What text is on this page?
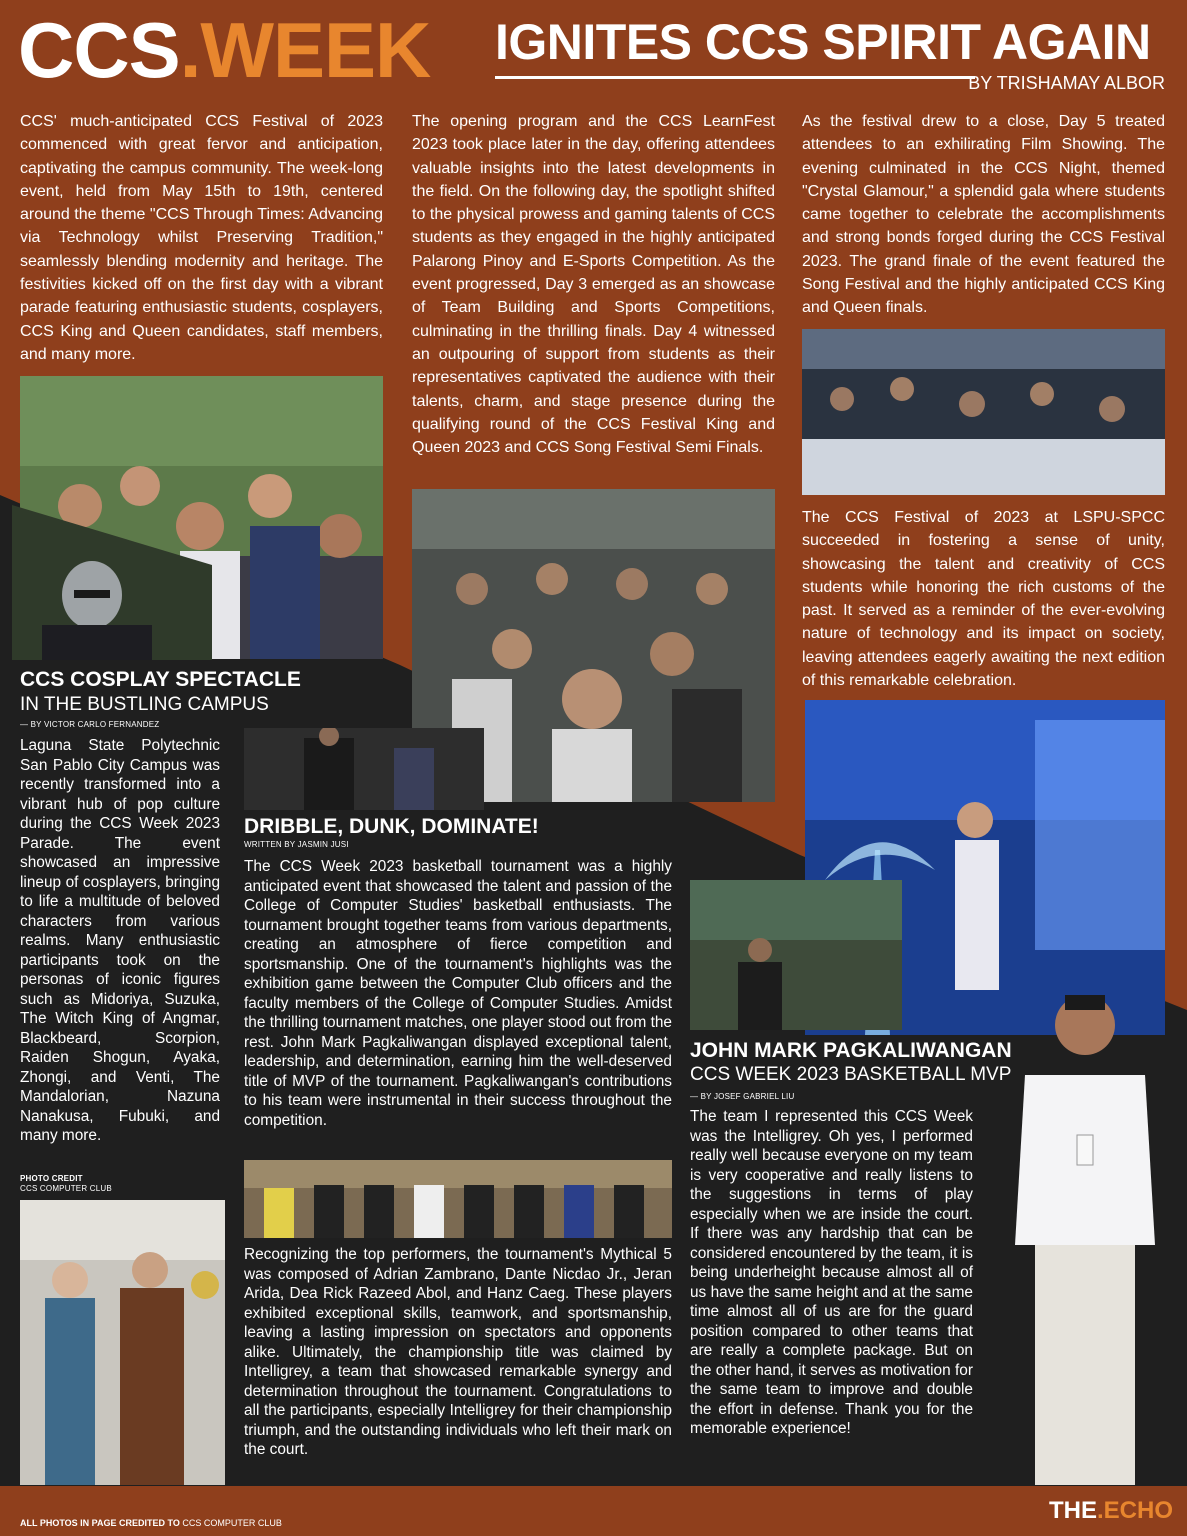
CCS.WEEK IGNITES CCS SPIRIT AGAIN
BY TRISHAMAY ALBOR
CCS' much-anticipated CCS Festival of 2023 commenced with great fervor and anticipation, captivating the campus community. The week-long event, held from May 15th to 19th, centered around the theme "CCS Through Times: Advancing via Technology whilst Preserving Tradition," seamlessly blending modernity and heritage. The festivities kicked off on the first day with a vibrant parade featuring enthusiastic students, cosplayers, CCS King and Queen candidates, staff members, and many more.
The opening program and the CCS LearnFest 2023 took place later in the day, offering attendees valuable insights into the latest developments in the field. On the following day, the spotlight shifted to the physical prowess and gaming talents of CCS students as they engaged in the highly anticipated Palarong Pinoy and E-Sports Competition. As the event progressed, Day 3 emerged as an showcase of Team Building and Sports Competitions, culminating in the thrilling finals. Day 4 witnessed an outpouring of support from students as their representatives captivated the audience with their talents, charm, and stage presence during the qualifying round of the CCS Festival King and Queen 2023 and CCS Song Festival Semi Finals.
As the festival drew to a close, Day 5 treated attendees to an exhilirating Film Showing. The evening culminated in the CCS Night, themed "Crystal Glamour," a splendid gala where students came together to celebrate the accomplishments and strong bonds forged during the CCS Festival 2023. The grand finale of the event featured the Song Festival and the highly anticipated CCS King and Queen finals.
The CCS Festival of 2023 at LSPU-SPCC succeeded in fostering a sense of unity, showcasing the talent and creativity of CCS students while honoring the rich customs of the past. It served as a reminder of the ever-evolving nature of technology and its impact on society, leaving attendees eagerly awaiting the next edition of this remarkable celebration.
CCS COSPLAY SPECTACLE
IN THE BUSTLING CAMPUS
— BY VICTOR CARLO FERNANDEZ
Laguna State Polytechnic San Pablo City Campus was recently transformed into a vibrant hub of pop culture during the CCS Week 2023 Parade. The event showcased an impressive lineup of cosplayers, bringing to life a multitude of beloved characters from various realms. Many enthusiastic participants took on the personas of iconic figures such as Midoriya, Suzuka, The Witch King of Angmar, Blackbeard, Scorpion, Raiden Shogun, Ayaka, Zhongi, and Venti, The Mandalorian, Nazuna Nanakusa, Fubuki, and many more.
PHOTO CREDIT
CCS COMPUTER CLUB
DRIBBLE, DUNK, DOMINATE!
WRITTEN BY JASMIN JUSI
The CCS Week 2023 basketball tournament was a highly anticipated event that showcased the talent and passion of the College of Computer Studies' basketball enthusiasts. The tournament brought together teams from various departments, creating an atmosphere of fierce competition and sportsmanship. One of the tournament's highlights was the exhibition game between the Computer Club officers and the faculty members of the College of Computer Studies. Amidst the thrilling tournament matches, one player stood out from the rest. John Mark Pagkaliwangan displayed exceptional talent, leadership, and determination, earning him the well-deserved title of MVP of the tournament. Pagkaliwangan's contributions to his team were instrumental in their success throughout the competition.
Recognizing the top performers, the tournament's Mythical 5 was composed of Adrian Zambrano, Dante Nicdao Jr., Jeran Arida, Dea Rick Razeed Abol, and Hanz Caeg. These players exhibited exceptional skills, teamwork, and sportsmanship, leaving a lasting impression on spectators and opponents alike. Ultimately, the championship title was claimed by Intelligrey, a team that showcased remarkable synergy and determination throughout the tournament. Congratulations to all the participants, especially Intelligrey for their championship triumph, and the outstanding individuals who left their mark on the court.
JOHN MARK PAGKALIWANGAN
CCS WEEK 2023 BASKETBALL MVP
— BY JOSEF GABRIEL LIU
The team I represented this CCS Week was the Intelligrey. Oh yes, I performed really well because everyone on my team is very cooperative and really listens to the suggestions in terms of play especially when we are inside the court. If there was any hardship that can be considered encountered by the team, it is being underheight because almost all of us have the same height and at the same time almost all of us are for the guard position compared to other teams that are really a complete package. But on the other hand, it serves as motivation for the same team to improve and double the effort in defense. Thank you for the memorable experience!
ALL PHOTOS IN PAGE CREDITED TO CCS COMPUTER CLUB	THE.ECHO
